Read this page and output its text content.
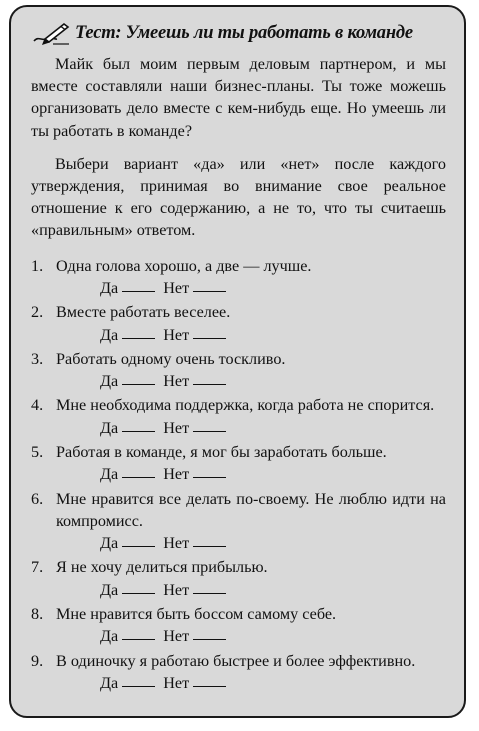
Тест: Умеешь ли ты работать в команде

Майк был моим первым деловым партнером, и мы вместе составляли наши бизнес-планы. Ты тоже можешь организовать дело вместе с кем-нибудь еще. Но умеешь ли ты работать в команде?

Выбери вариант «да» или «нет» после каждого утверждения, принимая во внимание свое реальное отношение к его содержанию, а не то, что ты считаешь «правильным» ответом.

1. Одна голова хорошо, а две — лучше.
Да	Нет
2. Вместе работать веселее.
Да	Нет
3. Работать одному очень тоскливо.
Да	Нет
4. Мне необходима поддержка, когда работа не спорится.
Да	Нет
5. Работая в команде, я мог бы заработать больше.
Да	Нет
6. Мне нравится все делать по-своему. Не люблю идти на компромисс.
Да	Нет
7. Я не хочу делиться прибылью.
Да	Нет
8. Мне нравится быть боссом самому себе.
Да	Нет
9. В одиночку я работаю быстрее и более эффективно.
Да	Нет
